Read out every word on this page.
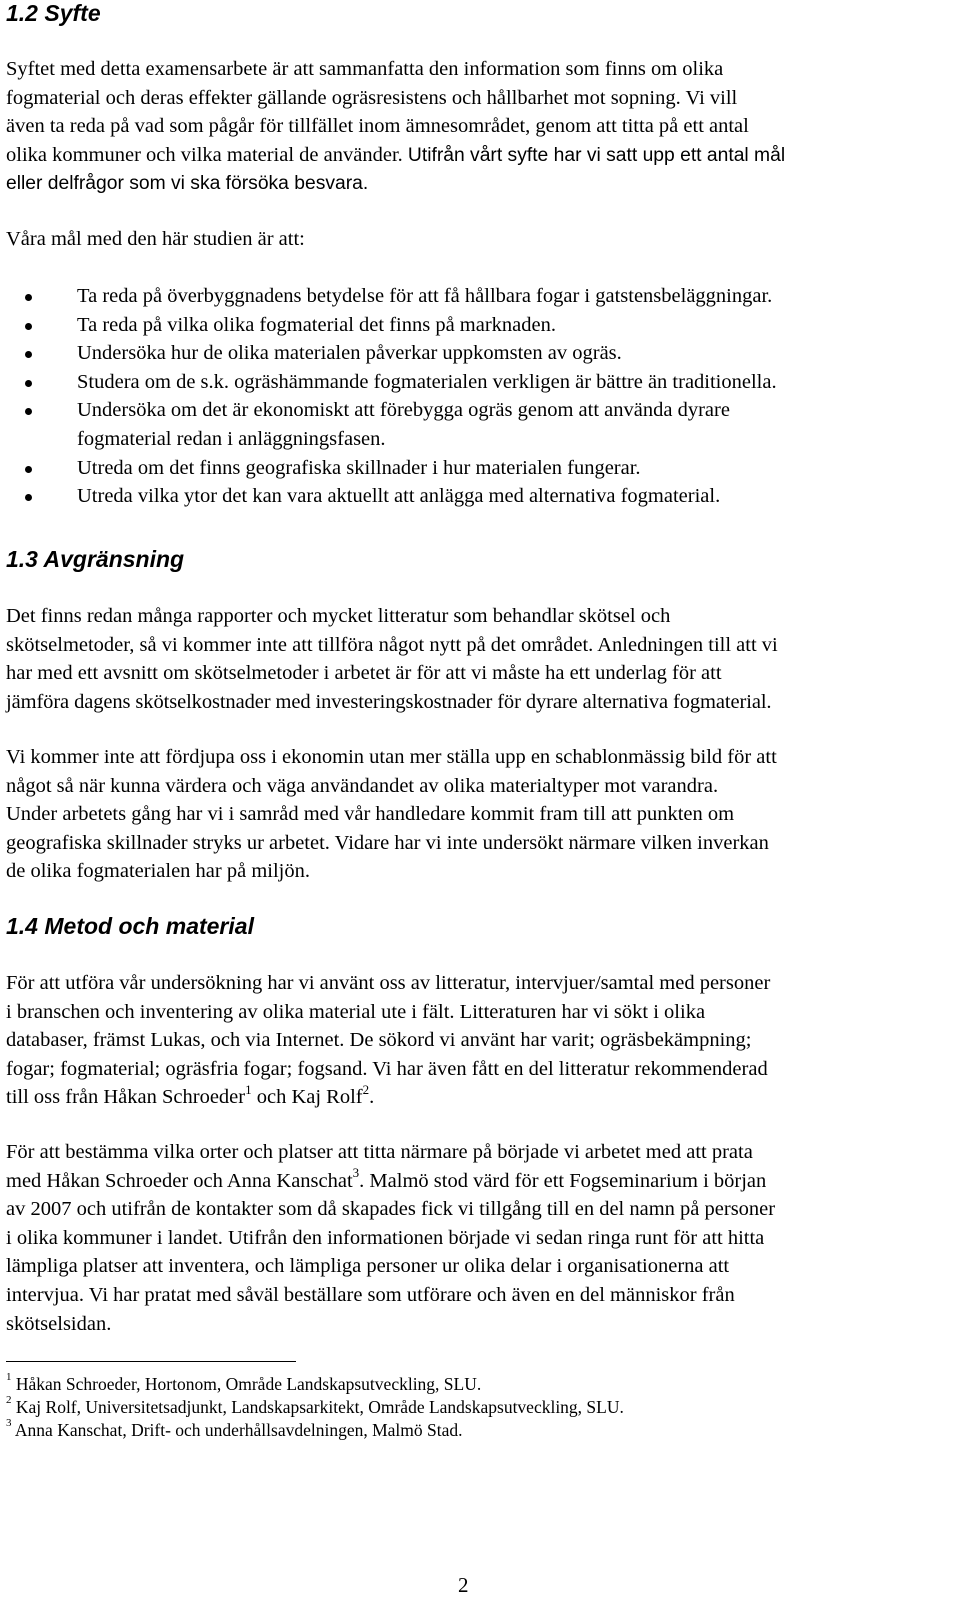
1.2 Syfte

Syftet med detta examensarbete är att sammanfatta den information som finns om olika
fogmaterial och deras effekter gällande ogräsresistens och hållbarhet mot sopning. Vi vill
även ta reda på vad som pågår för tillfället inom ämnesområdet, genom att titta på ett antal
olika kommuner och vilka material de använder. Utifrån vårt syfte har vi satt upp ett antal mål
eller delfrågor som vi ska försöka besvara.

Våra mål med den här studien är att:

Ta reda på överbyggnadens betydelse för att få hållbara fogar i gatstensbeläggningar.
Ta reda på vilka olika fogmaterial det finns på marknaden.
Undersöka hur de olika materialen påverkar uppkomsten av ogräs.
Studera om de s.k. ogräshämmande fogmaterialen verkligen är bättre än traditionella.
Undersöka om det är ekonomiskt att förebygga ogräs genom att använda dyrare
fogmaterial redan i anläggningsfasen.
Utreda om det finns geografiska skillnader i hur materialen fungerar.
Utreda vilka ytor det kan vara aktuellt att anlägga med alternativa fogmaterial.
1.3 Avgränsning

Det finns redan många rapporter och mycket litteratur som behandlar skötsel och
skötselmetoder, så vi kommer inte att tillföra något nytt på det området. Anledningen till att vi
har med ett avsnitt om skötselmetoder i arbetet är för att vi måste ha ett underlag för att
jämföra dagens skötselkostnader med investeringskostnader för dyrare alternativa fogmaterial.

Vi kommer inte att fördjupa oss i ekonomin utan mer ställa upp en schablonmässig bild för att
något så när kunna värdera och väga användandet av olika materialtyper mot varandra.
Under arbetets gång har vi i samråd med vår handledare kommit fram till att punkten om
geografiska skillnader stryks ur arbetet. Vidare har vi inte undersökt närmare vilken inverkan
de olika fogmaterialen har på miljön.

1.4 Metod och material

För att utföra vår undersökning har vi använt oss av litteratur, intervjuer/samtal med personer
i branschen och inventering av olika material ute i fält. Litteraturen har vi sökt i olika
databaser, främst Lukas, och via Internet. De sökord vi använt har varit; ogräsbekämpning;
fogar; fogmaterial; ogräsfria fogar; fogsand. Vi har även fått en del litteratur rekommenderad
till oss från Håkan Schroeder$^1$ och Kaj Rolf$^2$.

För att bestämma vilka orter och platser att titta närmare på började vi arbetet med att prata
med Håkan Schroeder och Anna Kanschat$^3$. Malmö stod värd för ett Fogseminarium i början
av 2007 och utifrån de kontakter som då skapades fick vi tillgång till en del namn på personer
i olika kommuner i landet. Utifrån den informationen började vi sedan ringa runt för att hitta
lämpliga platser att inventera, och lämpliga personer ur olika delar i organisationerna att
intervjua. Vi har pratat med såväl beställare som utförare och även en del människor från
skötselsidan.

$^1$ Håkan Schroeder, Hortonom, Område Landskapsutveckling, SLU.
$^2$ Kaj Rolf, Universitetsadjunkt, Landskapsarkitekt, Område Landskapsutveckling, SLU.
$^3$ Anna Kanschat, Drift- och underhållsavdelningen, Malmö Stad.
2
